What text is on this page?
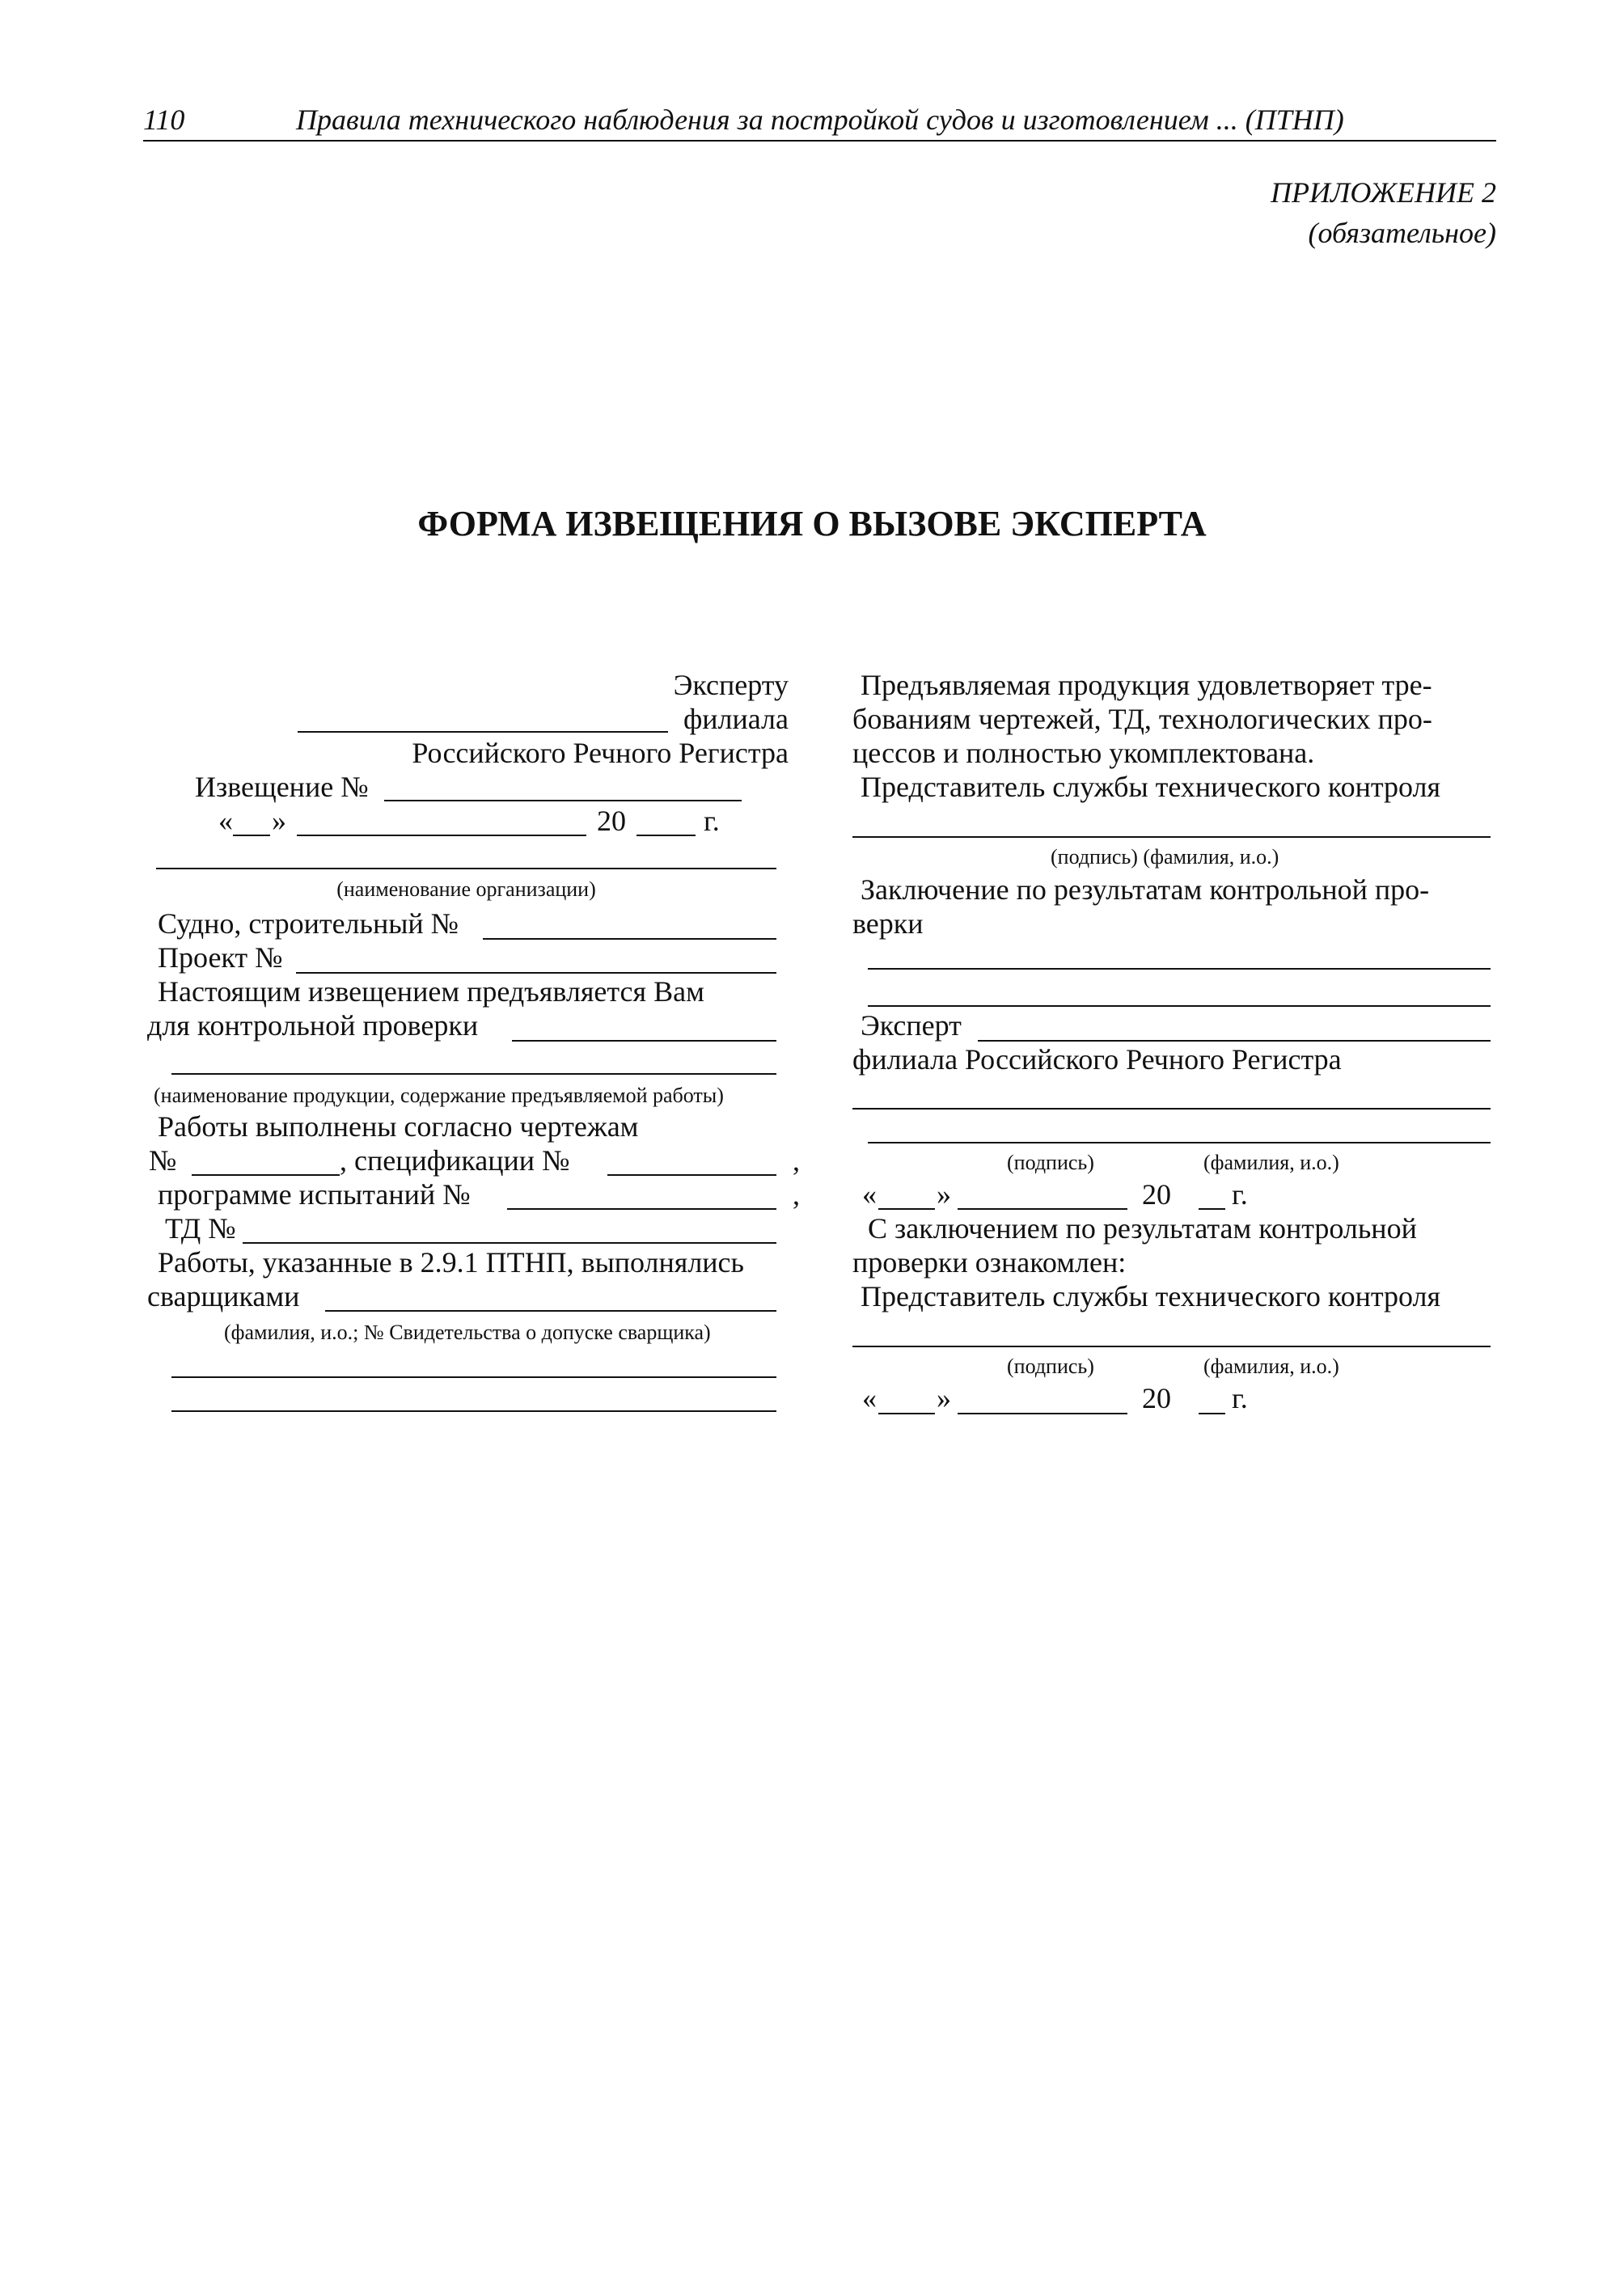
110	Правила технического наблюдения за постройкой судов и изготовлением ... (ПТНП)
ПРИЛОЖЕНИЕ 2
(обязательное)
ФОРМА ИЗВЕЩЕНИЯ О ВЫЗОВЕ ЭКСПЕРТА
Эксперту
филиала
Российского Речного Регистра
Извещение №
« »	20	г.
(наименование организации)
Судно, строительный №
Проект №
Настоящим извещением предъявляется Вам
для контрольной проверки
(наименование продукции, содержание предъявляемой работы)
Работы выполнены согласно чертежам
№	, спецификации №	,
программе испытаний №	,
ТД №
Работы, указанные в 2.9.1 ПТНП, выполнялись
сварщиками
(фамилия, и.о.; № Свидетельства о допуске сварщика)
Предъявляемая продукция удовлетворяет тре-
бованиям чертежей, ТД, технологических про-
цессов и полностью укомплектована.
Представитель службы технического контроля
(подпись) (фамилия, и.о.)
Заключение по результатам контрольной про-
верки
Эксперт
филиала Российского Речного Регистра
(подпись)	(фамилия, и.о.)
« »	20 г.
С заключением по результатам контрольной
проверки ознакомлен:
Представитель службы технического контроля
(подпись)	(фамилия, и.о.)
« »	20 г.
